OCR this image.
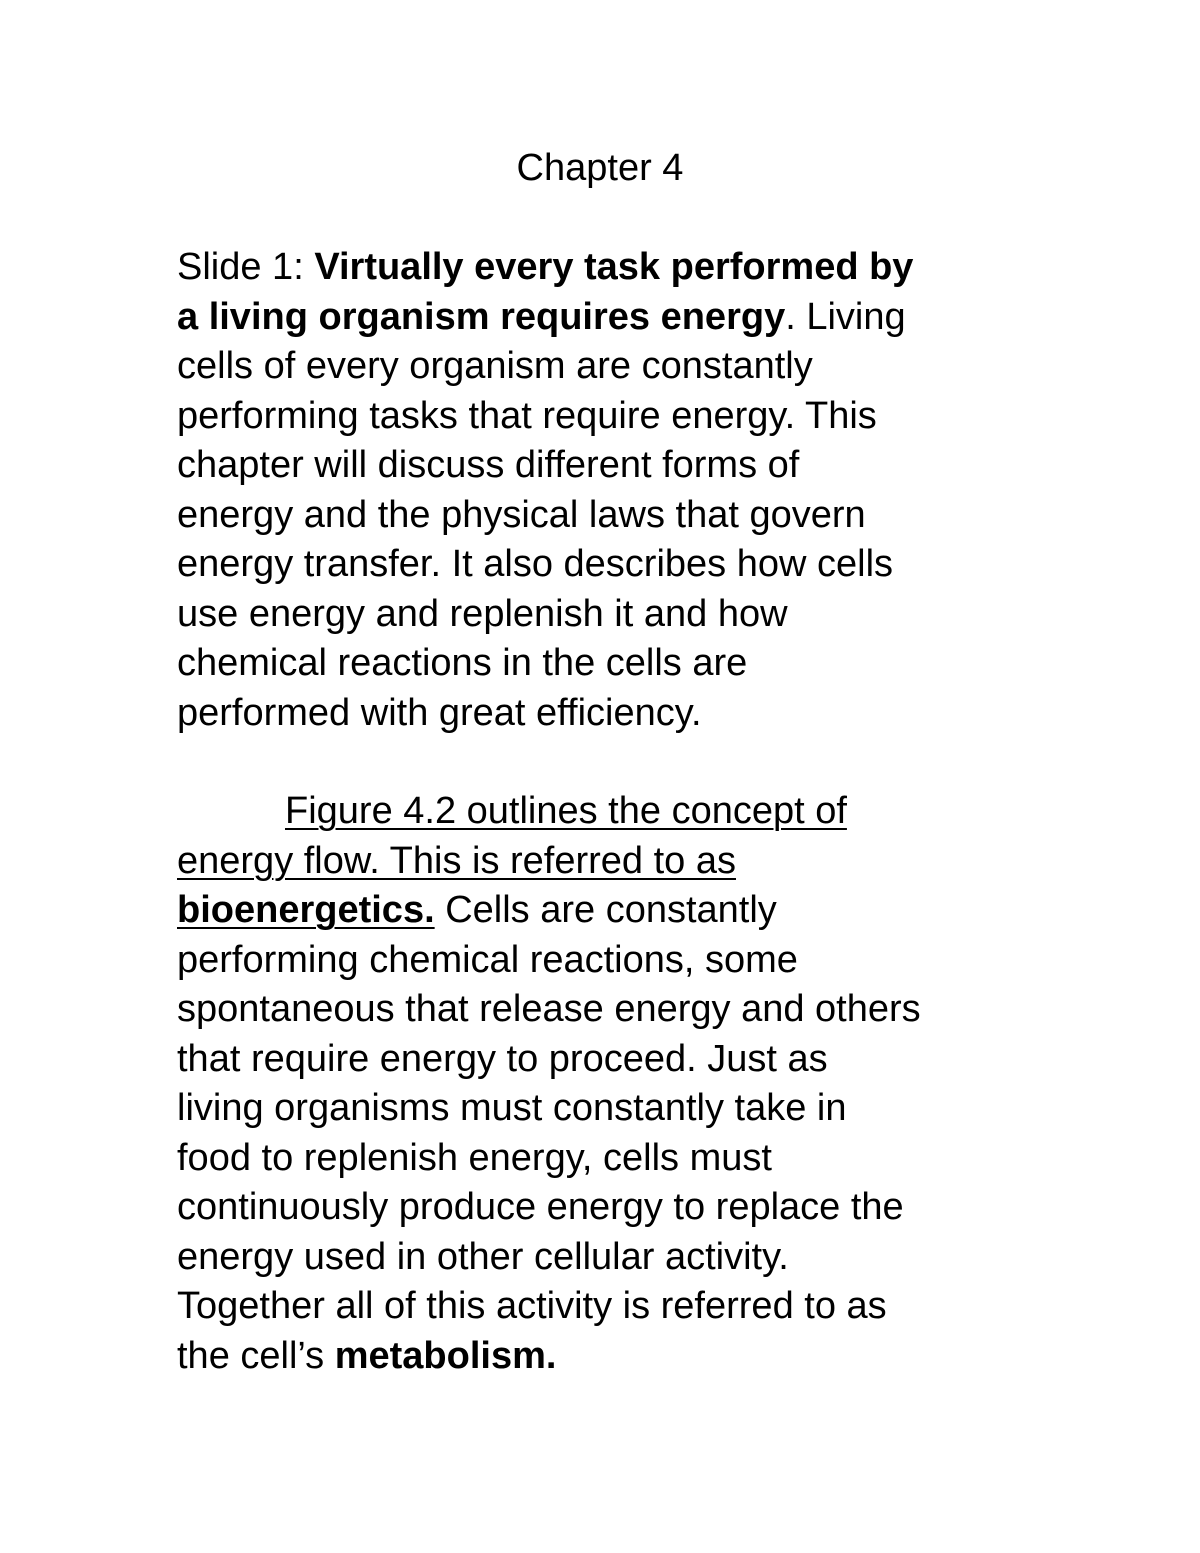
Chapter 4
Slide 1: Virtually every task performed by
a living organism requires energy. Living
cells of every organism are constantly
performing tasks that require energy. This
chapter will discuss different forms of
energy and the physical laws that govern
energy transfer. It also describes how cells
use energy and replenish it and how
chemical reactions in the cells are
performed with great efficiency.
Figure 4.2 outlines the concept of
energy flow. This is referred to as
bioenergetics. Cells are constantly
performing chemical reactions, some
spontaneous that release energy and others
that require energy to proceed. Just as
living organisms must constantly take in
food to replenish energy, cells must
continuously produce energy to replace the
energy used in other cellular activity.
Together all of this activity is referred to as
the cell’s metabolism.
